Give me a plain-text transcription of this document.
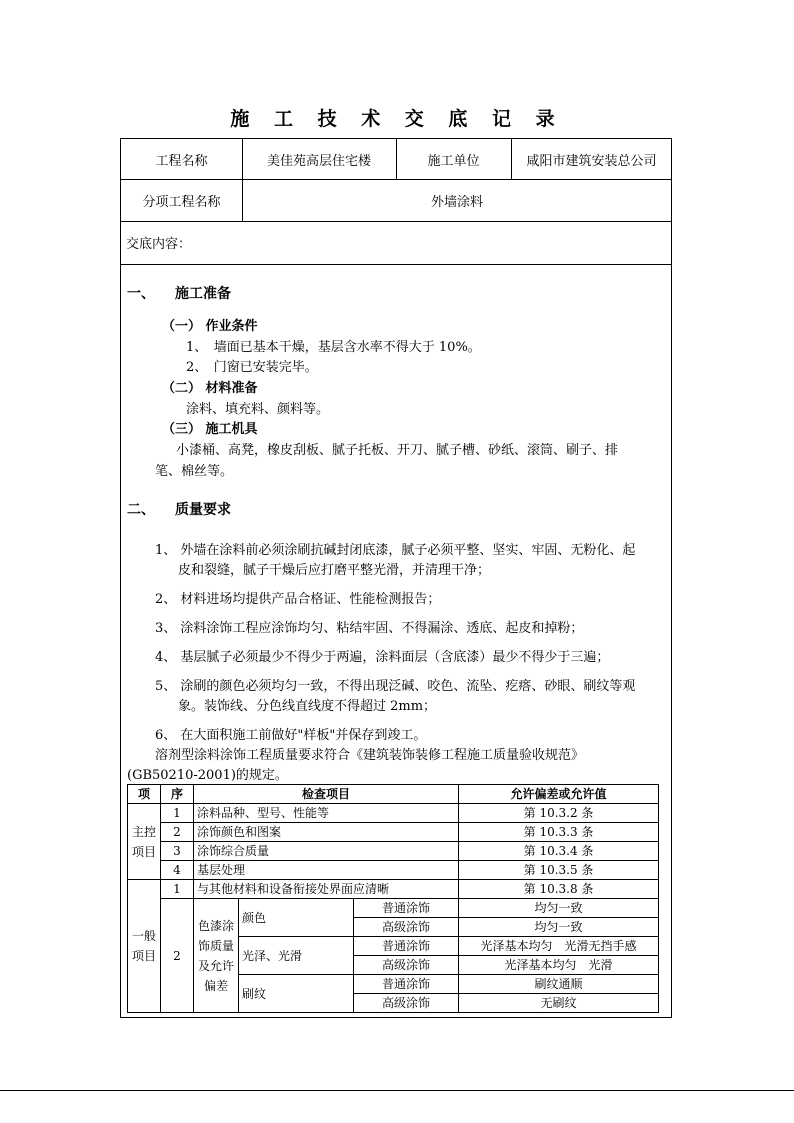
施 工 技 术 交 底 记 录
工程名称	美佳苑高层住宅楼	施工单位	咸阳市建筑安装总公司
分项工程名称	外墙涂料
交底内容：
一、 施工准备
（一） 作业条件
1、　墙面已基本干燥，基层含水率不得大于 10%。
2、　门窗已安装完毕。
（二） 材料准备
涂料、填充料、颜料等。
（三） 施工机具
小漆桶、高凳，橡皮刮板、腻子托板、开刀、腻子槽、砂纸、滚筒、刷子、排
笔、棉丝等。
二、 质量要求
1、 外墙在涂料前必须涂刷抗碱封闭底漆，腻子必须平整、坚实、牢固、无粉化、起
皮和裂缝，腻子干燥后应打磨平整光滑，并清理干净；
2、 材料进场均提供产品合格证、性能检测报告；
3、 涂料涂饰工程应涂饰均匀、粘结牢固、不得漏涂、透底、起皮和掉粉；
4、 基层腻子必须最少不得少于两遍，涂料面层（含底漆）最少不得少于三遍；
5、 涂刷的颜色必须均匀一致，不得出现泛碱、咬色、流坠、疙瘩、砂眼、刷纹等观
象。装饰线、分色线直线度不得超过 2mm；
6、 在大面积施工前做好"样板"并保存到竣工。
溶剂型涂料涂饰工程质量要求符合《建筑装饰装修工程施工质量验收规范》
(GB50210-2001)的规定。
项	序	检查项目			允许偏差或允许值
主控项目	1	涂料品种、型号、性能等			第 10.3.2 条
	2	涂饰颜色和图案			第 10.3.3 条
	3	涂饰综合质量			第 10.3.4 条
	4	基层处理			第 10.3.5 条
一般项目	1	与其他材料和设备衔接处界面应清晰			第 10.3.8 条
	2	色漆涂饰质量及允许偏差	颜色	普通涂饰	均匀一致
				高级涂饰	均匀一致
			光泽、光滑	普通涂饰	光泽基本均匀　光滑无挡手感
				高级涂饰	光泽基本均匀　光滑
			刷纹	普通涂饰	刷纹通顺
				高级涂饰	无刷纹
